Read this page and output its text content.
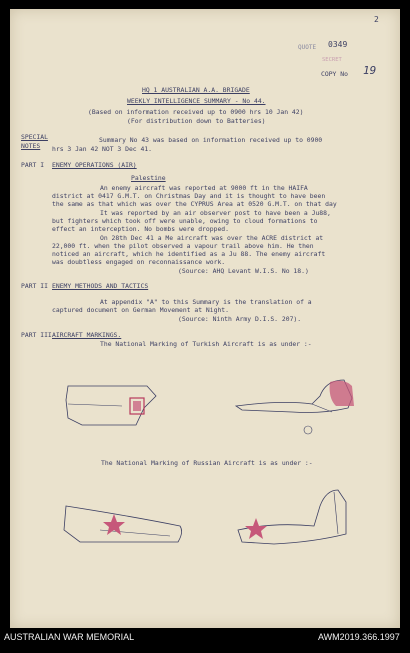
2
QUOTE 0349
SECRET
COPY No 19
HQ 1 AUSTRALIAN A.A. BRIGADE
WEEKLY INTELLIGENCE SUMMARY - No 44.
(Based on information received up to 0900 hrs 10 Jan 42)
(For distribution down to Batteries)
SPECIAL
NOTES
Summary No 43 was based on information received up to 0900
hrs 3 Jan 42 NOT 3 Dec 41.
PART I ENEMY OPERATIONS (AIR)
Palestine
An enemy aircraft was reported at 9000 ft in the HAIFA
district at 0417 G.M.T. on Christmas Day and it is thought to have been
the same as that which was over the CYPRUS Area at 0520 G.M.T. on that day
It was reported by an air observer post to have been a Ju88,
but fighters which took off were unable, owing to cloud formations to
effect an interception. No bombs were dropped.
On 28th Dec 41 a Me aircraft was over the ACRE district at
22,000 ft. when the pilot observed a vapour trail above him. He then
noticed an aircraft, which he identified as a Ju 88. The enemy aircraft
was doubtless engaged on reconnaissance work.
(Source: AHQ Levant W.I.S. No 18.)
PART II ENEMY METHODS AND TACTICS
At appendix "A" to this Summary is the translation of a
captured document on German Movement at Night.
(Source: Ninth Army D.I.S. 207).
PART III AIRCRAFT MARKINGS.
The National Marking of Turkish Aircraft is as under :-
The National Marking of Russian Aircraft is as under :-
AUSTRALIAN WAR MEMORIAL	AWM2019.366.1997
